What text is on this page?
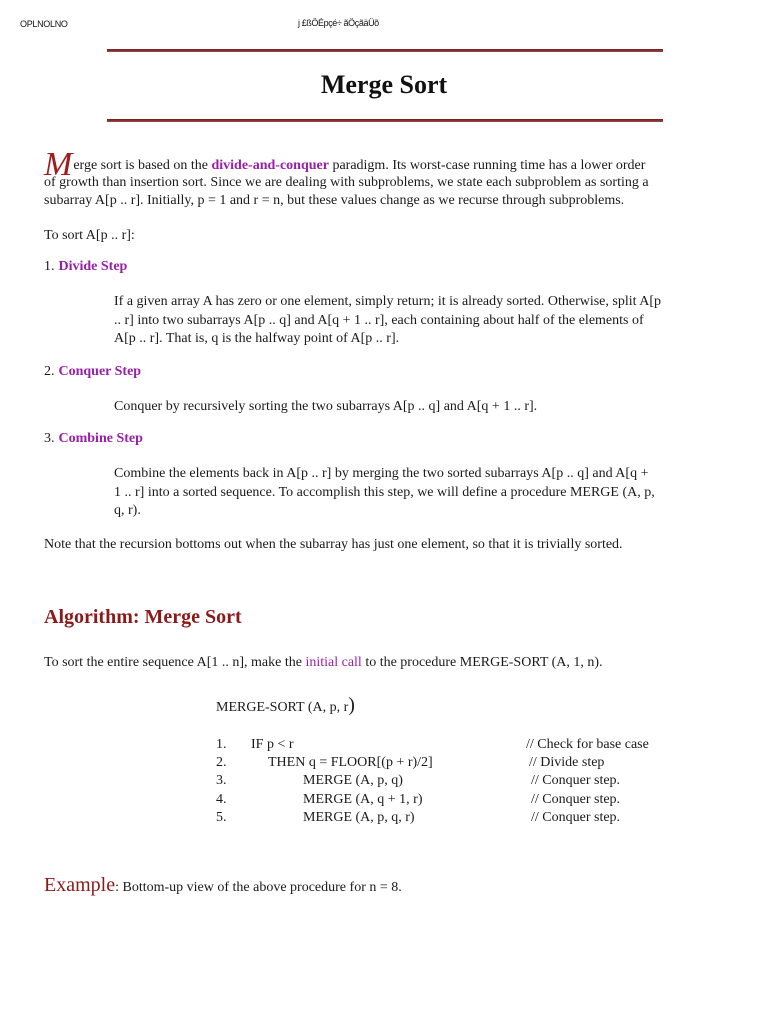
OPLNOLNO	j £ßÖÉpçé÷ ãÖçãäÜõ
Merge Sort
Merge sort is based on the divide-and-conquer paradigm. Its worst-case running time has a lower order
of growth than insertion sort. Since we are dealing with subproblems, we state each subproblem as sorting a
subarray A[p .. r]. Initially, p = 1 and r = n, but these values change as we recurse through subproblems.
To sort A[p .. r]:
1. Divide Step
If a given array A has zero or one element, simply return; it is already sorted. Otherwise, split A[p
.. r] into two subarrays A[p .. q] and A[q + 1 .. r], each containing about half of the elements of
A[p .. r]. That is, q is the halfway point of A[p .. r].
2. Conquer Step
Conquer by recursively sorting the two subarrays A[p .. q] and A[q + 1 .. r].
3. Combine Step
Combine the elements back in A[p .. r] by merging the two sorted subarrays A[p .. q] and A[q +
1 .. r] into a sorted sequence. To accomplish this step, we will define a procedure MERGE (A, p,
q, r).
Note that the recursion bottoms out when the subarray has just one element, so that it is trivially sorted.
Algorithm: Merge Sort
To sort the entire sequence A[1 .. n], make the initial call to the procedure MERGE-SORT (A, 1, n).
MERGE-SORT (A, p, r)
1. IF p < r	// Check for base case
2.	THEN q = FLOOR[(p + r)/2]	// Divide step
3.	MERGE (A, p, q)	// Conquer step.
4.	MERGE (A, q + 1, r)	// Conquer step.
5.	MERGE (A, p, q, r)	// Conquer step.
Example: Bottom-up view of the above procedure for n = 8.
